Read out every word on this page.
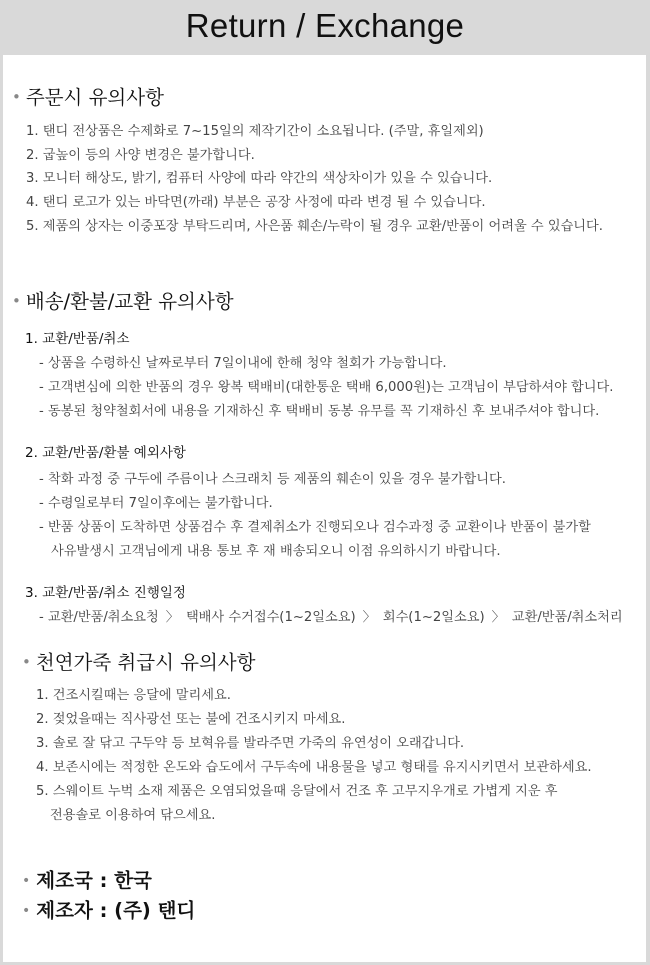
Return / Exchange
• 주문시 유의사항
1. 탠디 전상품은 수제화로 7~15일의 제작기간이 소요됩니다. (주말, 휴일제외)
2. 굽높이 등의 사양 변경은 불가합니다.
3. 모니터 해상도, 밝기, 컴퓨터 사양에 따라 약간의 색상차이가 있을 수 있습니다.
4. 탠디 로고가 있는 바닥면(까래) 부분은 공장 사정에 따라 변경 될 수 있습니다.
5. 제품의 상자는 이중포장 부탁드리며, 사은품 훼손/누락이 될 경우 교환/반품이 어려울 수 있습니다.
• 배송/환불/교환 유의사항
1. 교환/반품/취소
- 상품을 수령하신 날짜로부터 7일이내에 한해 청약 철회가 가능합니다.
- 고객변심에 의한 반품의 경우 왕복 택배비(대한통운 택배 6,000원)는 고객님이 부담하셔야 합니다.
- 동봉된 청약철회서에 내용을 기재하신 후 택배비 동봉 유무를 꼭 기재하신 후 보내주셔야 합니다.
2. 교환/반품/환불 예외사항
- 착화 과정 중 구두에 주름이나 스크래치 등 제품의 훼손이 있을 경우 불가합니다.
- 수령일로부터 7일이후에는 불가합니다.
- 반품 상품이 도착하면 상품검수 후 결제취소가 진행되오나 검수과정 중 교환이나 반품이 불가할
사유발생시 고객님에게 내용 통보 후 재 배송되오니 이점 유의하시기 바랍니다.
3. 교환/반품/취소 진행일정
- 교환/반품/취소요청 〉 택배사 수거접수(1~2일소요) 〉 회수(1~2일소요) 〉 교환/반품/취소처리
• 천연가죽 취급시 유의사항
1. 건조시킬때는 응달에 말리세요.
2. 젖었을때는 직사광선 또는 불에 건조시키지 마세요.
3. 솔로 잘 닦고 구두약 등 보혁유를 발라주면 가죽의 유연성이 오래갑니다.
4. 보존시에는 적정한 온도와 습도에서 구두속에 내용물을 넣고 형태를 유지시키면서 보관하세요.
5. 스웨이트 누벅 소재 제품은 오염되었을때 응달에서 건조 후 고무지우개로 가볍게 지운 후
전용솔로 이용하여 닦으세요.
• 제조국 : 한국
• 제조자 : (주) 탠디
